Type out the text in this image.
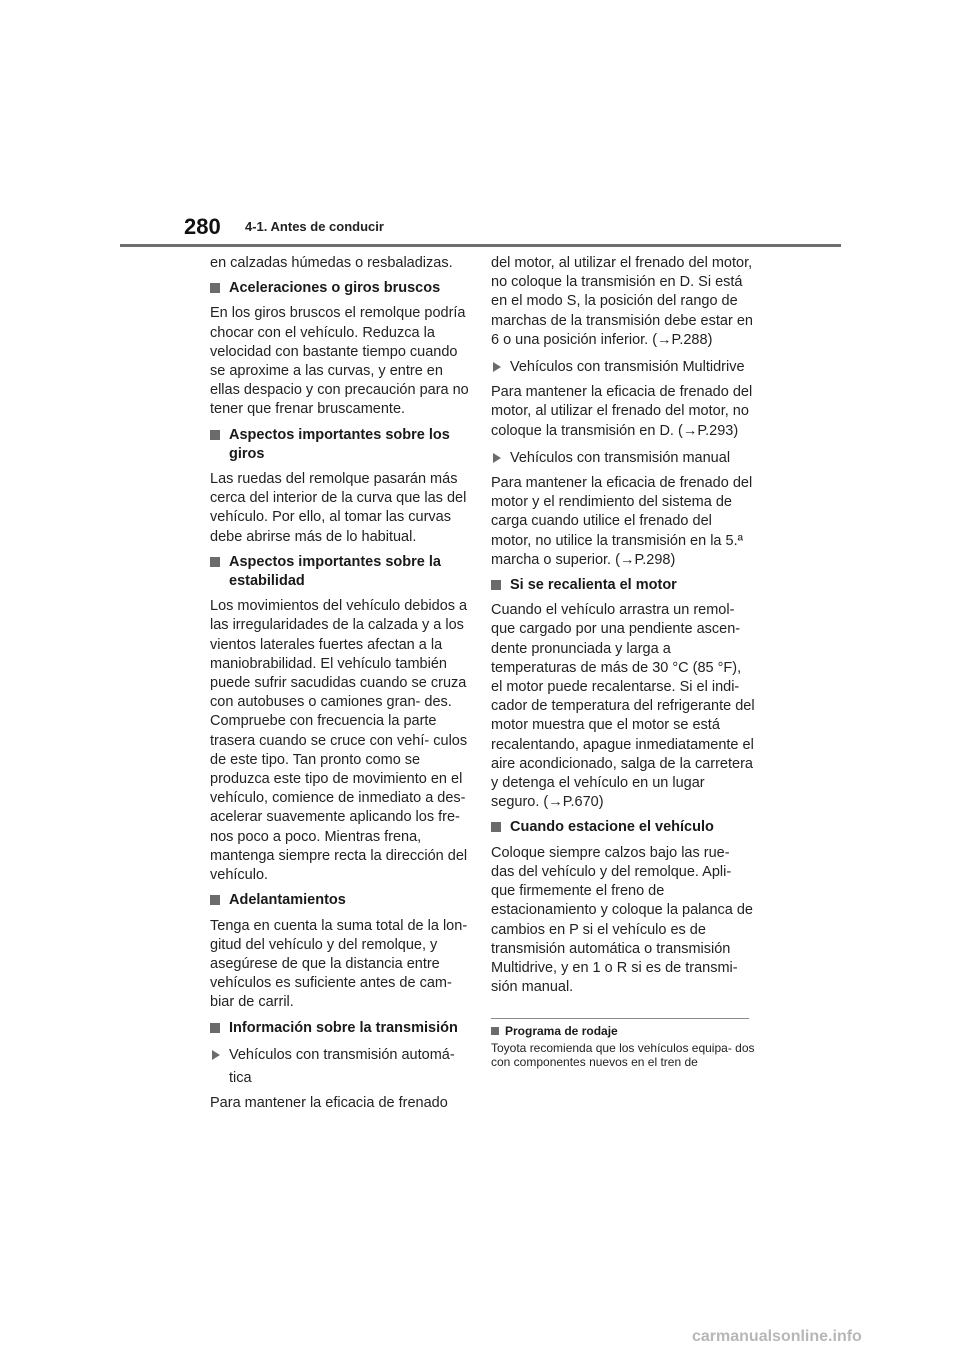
280 4-1. Antes de conducir

en calzadas húmedas o resbaladizas.

Aceleraciones o giros bruscos

En los giros bruscos el remolque podría chocar con el vehículo. Reduzca la velocidad con bastante tiempo cuando se aproxime a las curvas, y entre en ellas despacio y con precaución para no tener que frenar bruscamente.

Aspectos importantes sobre los giros

Las ruedas del remolque pasarán más cerca del interior de la curva que las del vehículo. Por ello, al tomar las curvas debe abrirse más de lo habitual.

Aspectos importantes sobre la estabilidad

Los movimientos del vehículo debidos a las irregularidades de la calzada y a los vientos laterales fuertes afectan a la maniobrabilidad. El vehículo también puede sufrir sacudidas cuando se cruza con autobuses o camiones gran- des. Compruebe con frecuencia la parte trasera cuando se cruce con vehí- culos de este tipo. Tan pronto como se produzca este tipo de movimiento en el vehículo, comience de inmediato a des- acelerar suavemente aplicando los fre- nos poco a poco. Mientras frena, mantenga siempre recta la dirección del vehículo.

Adelantamientos

Tenga en cuenta la suma total de la lon- gitud del vehículo y del remolque, y asegúrese de que la distancia entre vehículos es suficiente antes de cam- biar de carril.

Información sobre la transmisión
Vehículos con transmisión automá-

tica

Para mantener la eficacia de frenado

del motor, al utilizar el frenado del motor, no coloque la transmisión en D. Si está en el modo S, la posición del rango de marchas de la transmisión debe estar en 6 o una posición inferior. (→P.288)

Vehículos con transmisión Multidrive

Para mantener la eficacia de frenado del motor, al utilizar el frenado del motor, no coloque la transmisión en D. (→P.293)

Vehículos con transmisión manual

Para mantener la eficacia de frenado del motor y el rendimiento del sistema de carga cuando utilice el frenado del motor, no utilice la transmisión en la 5.ª marcha o superior. (→P.298)

Si se recalienta el motor

Cuando el vehículo arrastra un remol- que cargado por una pendiente ascen- dente pronunciada y larga a temperaturas de más de 30 °C (85 °F), el motor puede recalentarse. Si el indi- cador de temperatura del refrigerante del motor muestra que el motor se está recalentando, apague inmediatamente el aire acondicionado, salga de la carretera y detenga el vehículo en un lugar seguro. (→P.670)

Cuando estacione el vehículo

Coloque siempre calzos bajo las rue- das del vehículo y del remolque. Apli- que firmemente el freno de estacionamiento y coloque la palanca de cambios en P si el vehículo es de transmisión automática o transmisión Multidrive, y en 1 o R si es de transmi- sión manual.

Programa de rodaje

Toyota recomienda que los vehículos equipa- dos con componentes nuevos en el tren de

carmanualsonline.info
